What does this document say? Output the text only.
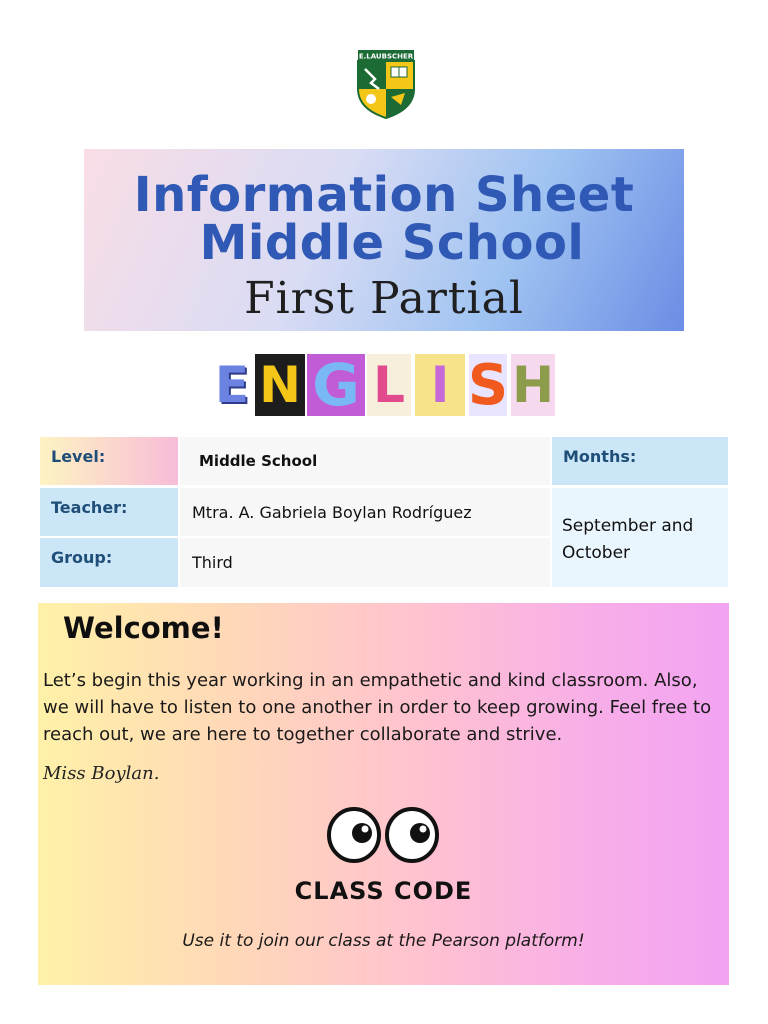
E.LAUBSCHER
Information Sheet
Middle School
First Partial
E N G L I S H
Level:	Middle School	Months:
Teacher:	Mtra. A. Gabriela Boylan Rodríguez
Group:	Third
September and October
Welcome!
Let’s begin this year working in an empathetic and kind classroom. Also, we will have to listen to one another in order to keep growing. Feel free to reach out, we are here to together collaborate and strive.
Miss Boylan.
CLASS CODE
Use it to join our class at the Pearson platform!
